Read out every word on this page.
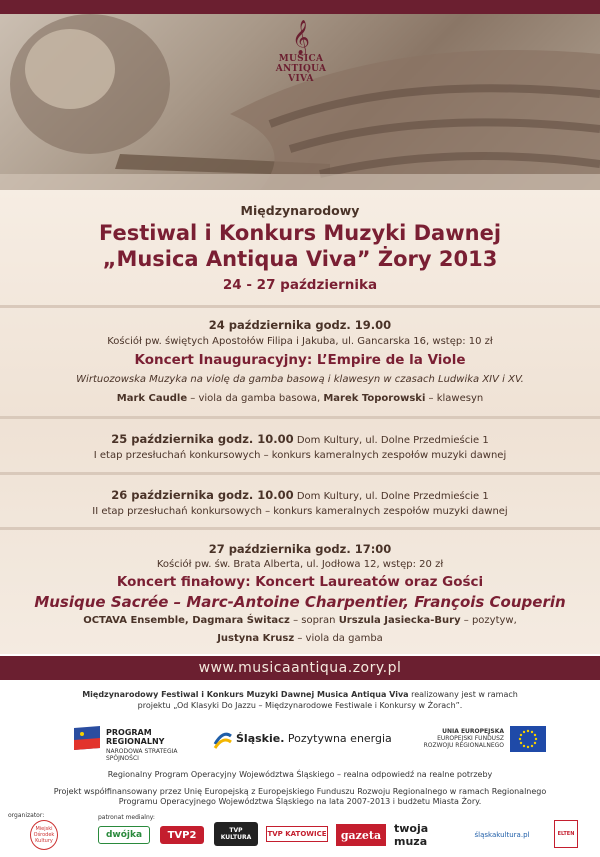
𝄞
MUSICA
ANTIQUA
VIVA
Międzynarodowy
Festiwal i Konkurs Muzyki Dawnej
„Musica Antiqua Viva” Żory 2013
24 - 27 października
24 października godz. 19.00
Kościół pw. świętych Apostołów Filipa i Jakuba, ul. Gancarska 16, wstęp: 10 zł
Koncert Inauguracyjny: L’Empire de la Viole
Wirtuozowska Muzyka na violę da gamba basową i klawesyn w czasach Ludwika XIV i XV.
Mark Caudle – viola da gamba basowa, Marek Toporowski – klawesyn
25 października godz. 10.00 Dom Kultury, ul. Dolne Przedmieście 1
I etap przesłuchań konkursowych – konkurs kameralnych zespołów muzyki dawnej
26 października godz. 10.00 Dom Kultury, ul. Dolne Przedmieście 1
II etap przesłuchań konkursowych – konkurs kameralnych zespołów muzyki dawnej
27 października godz. 17:00
Kościół pw. św. Brata Alberta, ul. Jodłowa 12, wstęp: 20 zł
Koncert finałowy: Koncert Laureatów oraz Gości
Musique Sacrée – Marc-Antoine Charpentier, François Couperin
OCTAVA Ensemble, Dagmara Świtacz – sopran Urszula Jasiecka-Bury – pozytyw,
Justyna Krusz – viola da gamba
www.musicaantiqua.zory.pl
Międzynarodowy Festiwal i Konkurs Muzyki Dawnej Musica Antiqua Viva realizowany jest w ramach
projektu „Od Klasyki Do Jazzu – Międzynarodowe Festiwale i Konkursy w Żorach”.
PROGRAM REGIONALNY
NARODOWA STRATEGIA SPÓJNOŚCI
Śląskie. Pozytywna energia
UNIA EUROPEJSKA
EUROPEJSKI FUNDUSZ
ROZWOJU REGIONALNEGO
Regionalny Program Operacyjny Województwa Śląskiego – realna odpowiedź na realne potrzeby
Projekt współfinansowany przez Unię Europejską z Europejskiego Funduszu Rozwoju Regionalnego w ramach Regionalnego
Programu Operacyjnego Województwa Śląskiego na lata 2007-2013 i budżetu Miasta Żory.
organizator:
Miejski Ośrodek Kultury
patronat medialny:
dwójka	TVP2	TVP KULTURA	TVP KATOWICE gazeta twoja muza	śląskakultura.pl	ELTEN
